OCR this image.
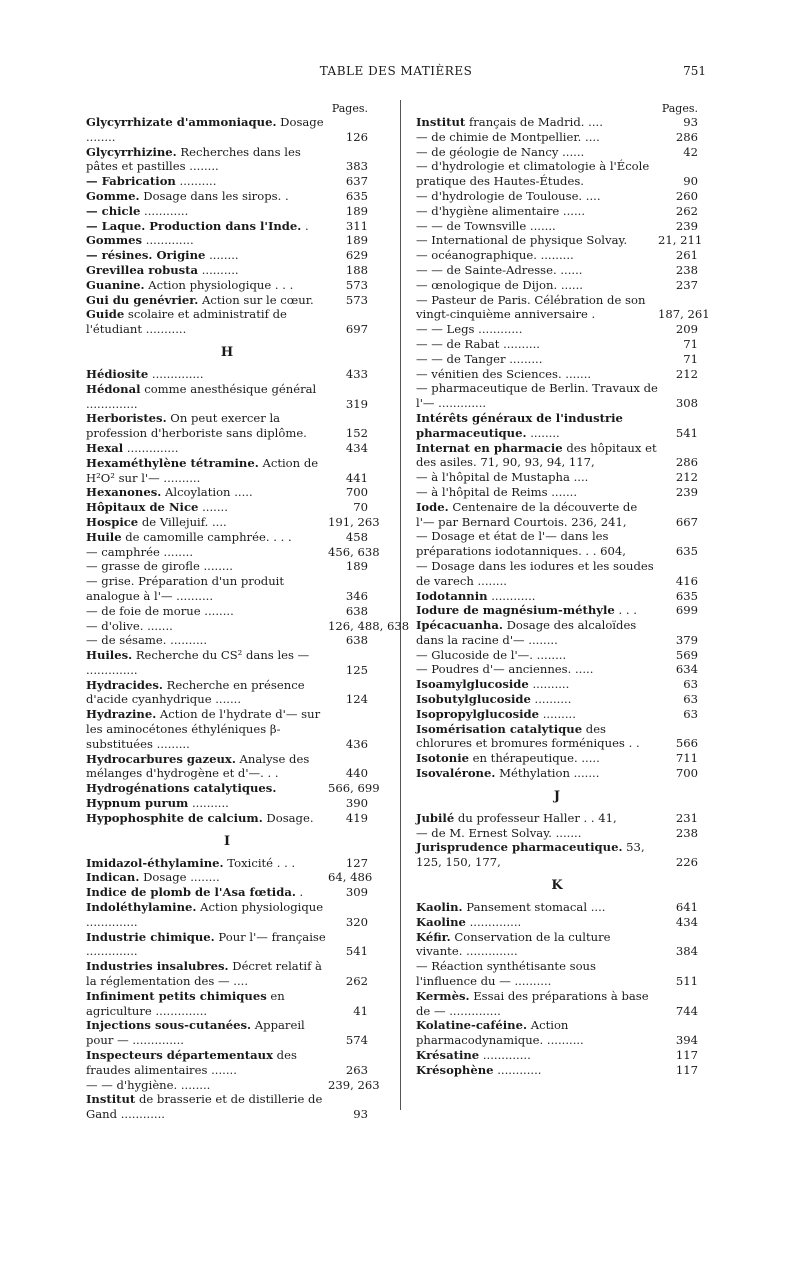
TABLE DES MATIÈRES	751
Pages.
Glycyrrhizate d'ammoniaque. Dosage ........	126
Glycyrrhizine. Recherches dans les pâtes et pastilles ........	383
— Fabrication ..........	637
Gomme. Dosage dans les sirops. .	635
— chicle ............	189
— Laque. Production dans l'Inde. .	311
Gommes .............	189
— résines. Origine ........	629
Grevillea robusta ..........	188
Guanine. Action physiologique . . .	573
Gui du genévrier. Action sur le cœur.	573
Guide scolaire et administratif de l'étudiant ...........	697
H
Hédiosite ..............	433
Hédonal comme anesthésique général ..............	319
Herboristes. On peut exercer la profession d'herboriste sans diplôme.	152
Hexal ..............	434
Hexaméthylène tétramine. Action de H²O² sur l'— ..........	441
Hexanones. Alcoylation .....	700
Hôpitaux de Nice .......	70
Hospice de Villejuif. ....	191, 263
Huile de camomille camphrée. . . .	458
— camphrée ........	456, 638
— grasse de girofle ........	189
— grise. Préparation d'un produit analogue à l'— ..........	346
— de foie de morue ........	638
— d'olive. .......	126, 488, 638
— de sésame. ..........	638
Huiles. Recherche du CS² dans les — ..............	125
Hydracides. Recherche en présence d'acide cyanhydrique .......	124
Hydrazine. Action de l'hydrate d'— sur les aminocétones éthyléniques β-substituées .........	436
Hydrocarbures gazeux. Analyse des mélanges d'hydrogène et d'—. . .	440
Hydrogénations catalytiques.	566, 699
Hypnum purum ..........	390
Hypophosphite de calcium. Dosage.	419
I
Imidazol-éthylamine. Toxicité . . .	127
Indican. Dosage ........	64, 486
Indice de plomb de l'Asa fœtida. .	309
Indoléthylamine. Action physiologique ..............	320
Industrie chimique. Pour l'— française ..............	541
Industries insalubres. Décret relatif à la réglementation des — ....	262
Infiniment petits chimiques en agriculture ..............	41
Injections sous-cutanées. Appareil pour — ..............	574
Inspecteurs départementaux des fraudes alimentaires .......	263
— — d'hygiène. ........	239, 263
Institut de brasserie et de distillerie de Gand ............	93
Pages.
Institut français de Madrid. ....	93
— de chimie de Montpellier. ....	286
— de géologie de Nancy ......	42
— d'hydrologie et climatologie à l'École pratique des Hautes-Études.	90
— d'hydrologie de Toulouse. ....	260
— d'hygiène alimentaire ......	262
— — de Townsville .......	239
— International de physique Solvay.	21, 211
— océanographique. .........	261
— — de Sainte-Adresse. ......	238
— œnologique de Dijon. ......	237
— Pasteur de Paris. Célébration de son vingt-cinquième anniversaire .	187, 261
— — Legs ............	209
— — de Rabat ..........	71
— — de Tanger .........	71
— vénitien des Sciences. .......	212
— pharmaceutique de Berlin. Travaux de l'— .............	308
Intérêts généraux de l'industrie pharmaceutique. ........	541
Internat en pharmacie des hôpitaux et des asiles. 71, 90, 93, 94, 117,	286
— à l'hôpital de Mustapha ....	212
— à l'hôpital de Reims .......	239
Iode. Centenaire de la découverte de l'— par Bernard Courtois. 236, 241,	667
— Dosage et état de l'— dans les préparations iodotanniques. . . 604,	635
— Dosage dans les iodures et les soudes de varech ........	416
Iodotannin ............	635
Iodure de magnésium-méthyle . . .	699
Ipécacuanha. Dosage des alcaloïdes dans la racine d'— ........	379
— Glucoside de l'—. ........	569
— Poudres d'— anciennes. .....	634
Isoamylglucoside ..........	63
Isobutylglucoside ..........	63
Isopropylglucoside .........	63
Isomérisation catalytique des chlorures et bromures forméniques . .	566
Isotonie en thérapeutique. .....	711
Isovalérone. Méthylation .......	700
J
Jubilé du professeur Haller . . 41,	231
— de M. Ernest Solvay. .......	238
Jurisprudence pharmaceutique. 53, 125, 150, 177,	226
K
Kaolin. Pansement stomacal ....	641
Kaoline ..............	434
Kéfir. Conservation de la culture vivante. ..............	384
— Réaction synthétisante sous l'influence du — ..........	511
Kermès. Essai des préparations à base de — ..............	744
Kolatine-caféine. Action pharmacodynamique. ..........	394
Krésatine .............	117
Krésophène ............	117
